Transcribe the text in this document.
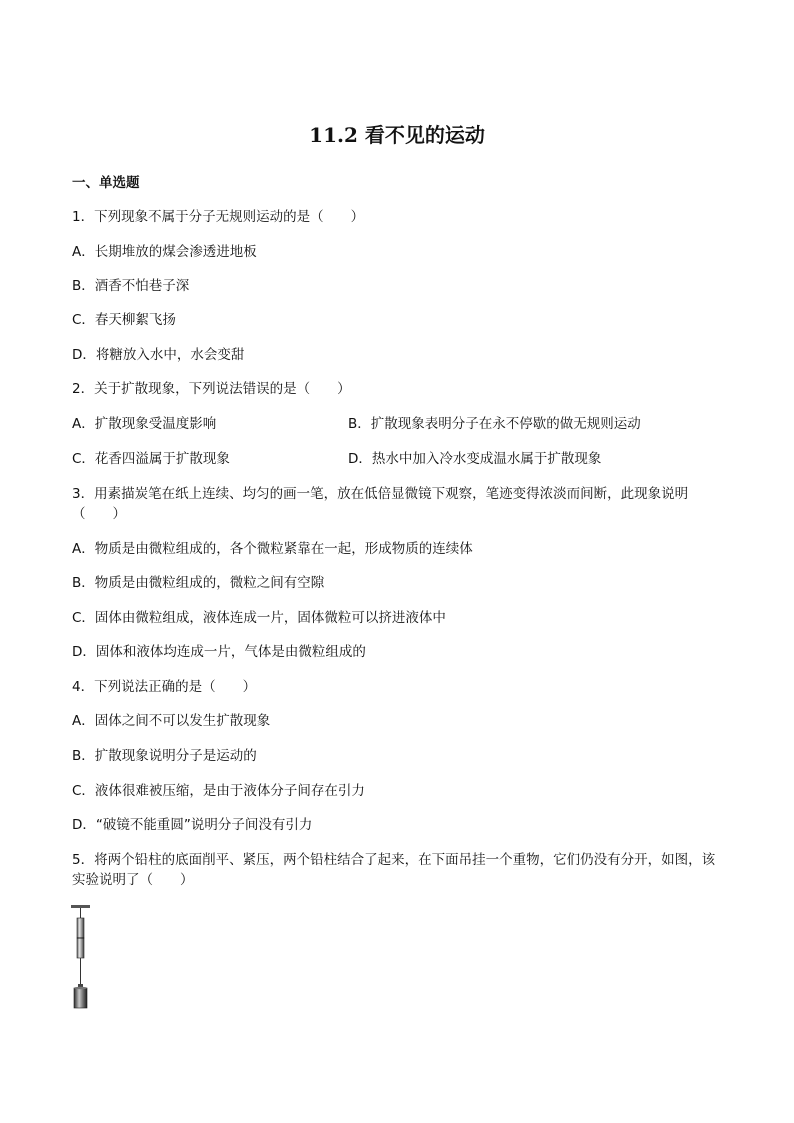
11.2 看不见的运动
一、单选题
1．下列现象不属于分子无规则运动的是（　　）
A．长期堆放的煤会渗透进地板
B．酒香不怕巷子深
C．春天柳絮飞扬
D．将糖放入水中，水会变甜
2．关于扩散现象，下列说法错误的是（　　）
A．扩散现象受温度影响	B．扩散现象表明分子在永不停歇的做无规则运动
C．花香四溢属于扩散现象	D．热水中加入冷水变成温水属于扩散现象
3．用素描炭笔在纸上连续、均匀的画一笔，放在低倍显微镜下观察，笔迹变得浓淡而间断，此现象说明（　　）
A．物质是由微粒组成的，各个微粒紧靠在一起，形成物质的连续体
B．物质是由微粒组成的，微粒之间有空隙
C．固体由微粒组成，液体连成一片，固体微粒可以挤进液体中
D．固体和液体均连成一片，气体是由微粒组成的
4．下列说法正确的是（　　）
A．固体之间不可以发生扩散现象
B．扩散现象说明分子是运动的
C．液体很难被压缩，是由于液体分子间存在引力
D．“破镜不能重圆”说明分子间没有引力
5．将两个铅柱的底面削平、紧压，两个铅柱结合了起来，在下面吊挂一个重物，它们仍没有分开，如图，该实验说明了（　　）
